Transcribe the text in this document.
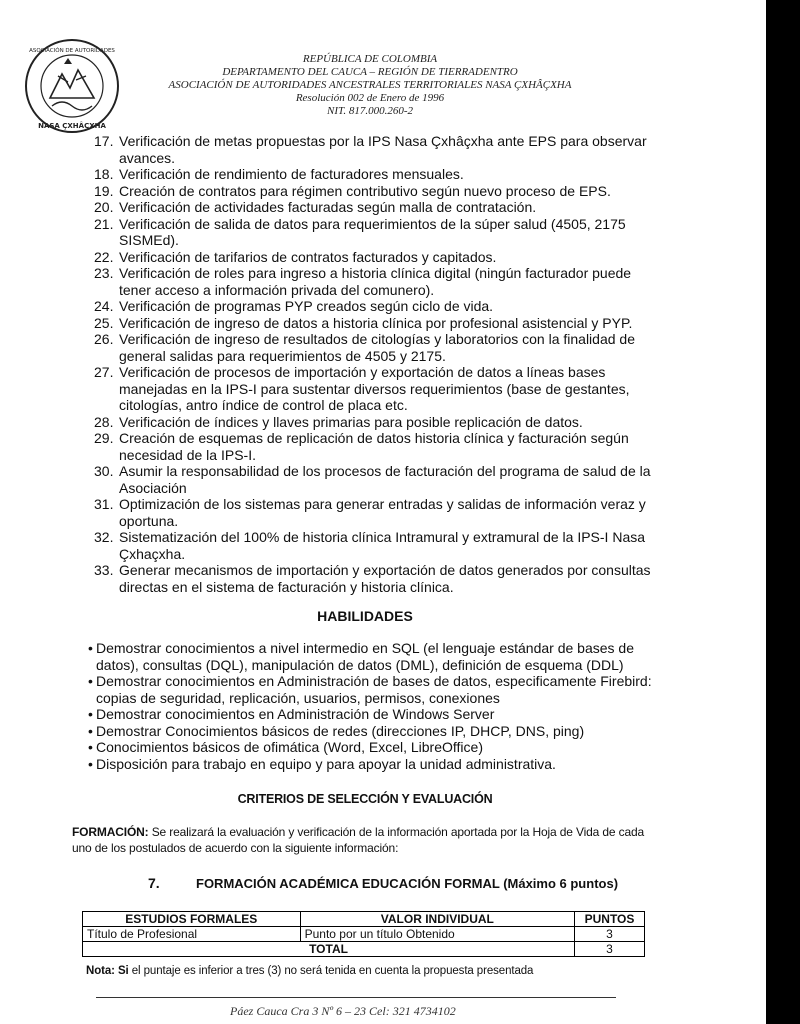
ASOCIACIÓN DE AUTORIDADES
NASA ÇXHÂÇXHA
REPÚBLICA DE COLOMBIA
DEPARTAMENTO DEL CAUCA – REGIÓN DE TIERRADENTRO
ASOCIACIÓN DE AUTORIDADES ANCESTRALES TERRITORIALES NASA ÇXHÂÇXHA
Resolución 002 de Enero de 1996
NIT. 817.000.260-2
17. Verificación de metas propuestas por la IPS Nasa Çxhâçxha ante EPS para observar avances.
18. Verificación de rendimiento de facturadores mensuales.
19. Creación de contratos para régimen contributivo según nuevo proceso de EPS.
20. Verificación de actividades facturadas según malla de contratación.
21. Verificación de salida de datos para requerimientos de la súper salud (4505, 2175 SISMEd).
22. Verificación de tarifarios de contratos facturados y capitados.
23. Verificación de roles para ingreso a historia clínica digital (ningún facturador puede tener acceso a información privada del comunero).
24. Verificación de programas PYP creados según ciclo de vida.
25. Verificación de ingreso de datos a historia clínica por profesional asistencial y PYP.
26. Verificación de ingreso de resultados de citologías y laboratorios con la finalidad de general salidas para requerimientos de 4505 y 2175.
27. Verificación de procesos de importación y exportación de datos a líneas bases manejadas en la IPS-I para sustentar diversos requerimientos (base de gestantes, citologías, antro índice de control de placa etc.
28. Verificación de índices y llaves primarias para posible replicación de datos.
29. Creación de esquemas de replicación de datos historia clínica y facturación según necesidad de la IPS-I.
30. Asumir la responsabilidad de los procesos de facturación del programa de salud de la Asociación
31. Optimización de los sistemas para generar entradas y salidas de información veraz y oportuna.
32. Sistematización del 100% de historia clínica Intramural y extramural de la IPS-I Nasa Çxhaçxha.
33. Generar mecanismos de importación y exportación de datos generados por consultas directas en el sistema de facturación y historia clínica.
HABILIDADES
• Demostrar conocimientos a nivel intermedio en SQL (el lenguaje estándar de bases de datos), consultas (DQL), manipulación de datos (DML), definición de esquema (DDL)
• Demostrar conocimientos en Administración de bases de datos, especificamente Firebird: copias de seguridad, replicación, usuarios, permisos, conexiones
• Demostrar conocimientos en Administración de Windows Server
• Demostrar Conocimientos básicos de redes (direcciones IP, DHCP, DNS, ping)
• Conocimientos básicos de ofimática (Word, Excel, LibreOffice)
• Disposición para trabajo en equipo y para apoyar la unidad administrativa.
CRITERIOS DE SELECCIÓN Y EVALUACIÓN
FORMACIÓN: Se realizará la evaluación y verificación de la información aportada por la Hoja de Vida de cada uno de los postulados de acuerdo con la siguiente información:
7.	FORMACIÓN ACADÉMICA EDUCACIÓN FORMAL (Máximo 6 puntos)
ESTUDIOS FORMALES	VALOR INDIVIDUAL	PUNTOS
Título de Profesional	Punto por un título Obtenido	3
TOTAL		3
Nota: Si el puntaje es inferior a tres (3) no será tenida en cuenta la propuesta presentada
Páez Cauca Cra 3 Nº 6 – 23 Cel: 321 4734102
